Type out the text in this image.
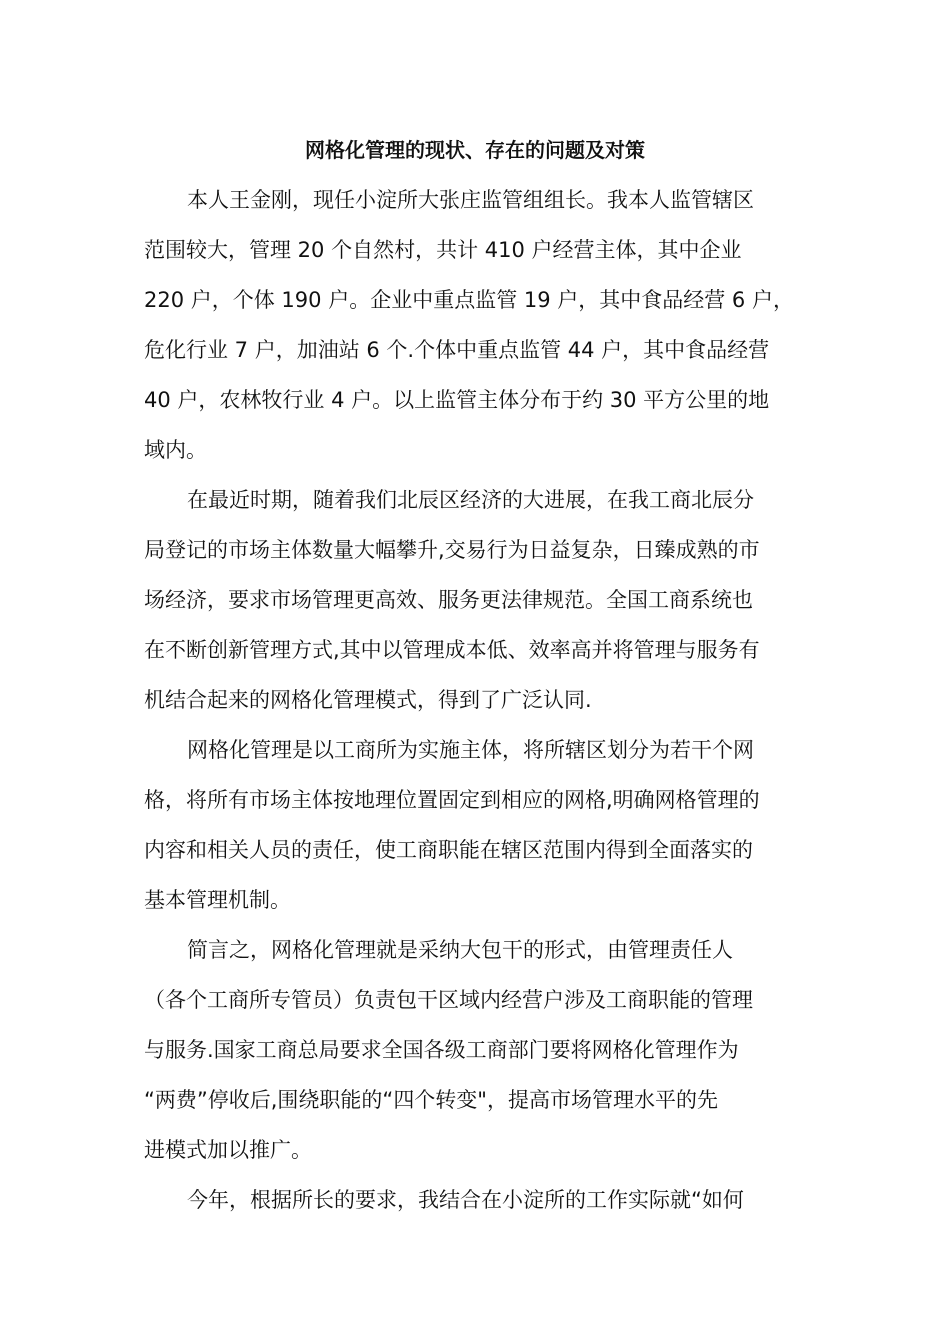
网格化管理的现状、存在的问题及对策
本人王金刚，现任小淀所大张庄监管组组长。我本人监管辖区
范围较大，管理 20 个自然村，共计 410 户经营主体，其中企业
220 户，个体 190 户。企业中重点监管 19 户，其中食品经营 6 户，
危化行业 7 户，加油站 6 个.个体中重点监管 44 户，其中食品经营
40 户，农林牧行业 4 户。以上监管主体分布于约 30 平方公里的地
域内。
在最近时期，随着我们北辰区经济的大进展，在我工商北辰分
局登记的市场主体数量大幅攀升,交易行为日益复杂，日臻成熟的市
场经济，要求市场管理更高效、服务更法律规范。全国工商系统也
在不断创新管理方式,其中以管理成本低、效率高并将管理与服务有
机结合起来的网格化管理模式，得到了广泛认同.
网格化管理是以工商所为实施主体，将所辖区划分为若干个网
格，将所有市场主体按地理位置固定到相应的网格,明确网格管理的
内容和相关人员的责任，使工商职能在辖区范围内得到全面落实的
基本管理机制。
简言之，网格化管理就是采纳大包干的形式，由管理责任人
（各个工商所专管员）负责包干区域内经营户涉及工商职能的管理
与服务.国家工商总局要求全国各级工商部门要将网格化管理作为
“两费”停收后,围绕职能的“四个转变"，提高市场管理水平的先
进模式加以推广。
今年，根据所长的要求，我结合在小淀所的工作实际就“如何
